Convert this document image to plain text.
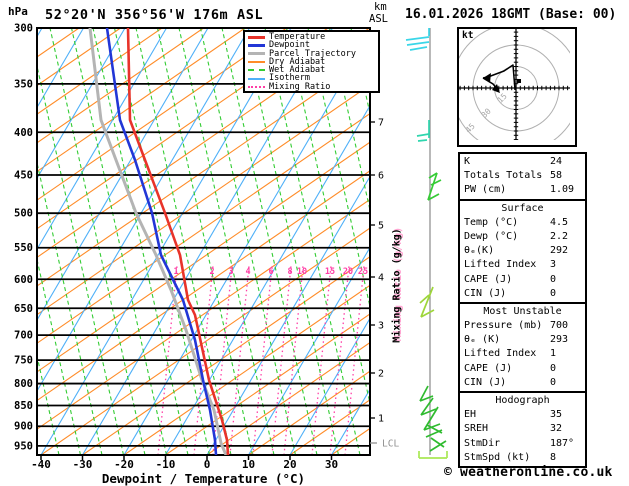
300
350
400
450
500
550
600
650
700
750
800
850
900
950
-40 -30 -20 -10	0	10	20	30
1	2 3 4 6 8 10 15 20 25
7
6
5
4
3
2
1
LCL
hPa 52°20'N 356°56'W 176m ASL	km
ASL 16.01.2026 18GMT (Base: 00)
Temperature
Dewpoint
Parcel Trajectory
Dry Adiabat
Wet Adiabat
Isotherm
Mixing Ratio
kt
15
30
45
K	24
Totals Totals 58
PW (cm)	1.09
Surface
Temp (°C)	4.5
Dewp (°C)	2.2
θₑ(K)	292
Lifted Index 3
CAPE (J)	0
CIN (J)	0
Most Unstable
Pressure (mb) 700
θₑ (K)	293
Lifted Index 1
CAPE (J)	0
CIN (J)	0
Hodograph
EH	35
SREH	32
StmDir	187°
StmSpd (kt) 8
Mixing Ratio (g/kg)
Dewpoint / Temperature (°C)	© weatheronline.co.uk
